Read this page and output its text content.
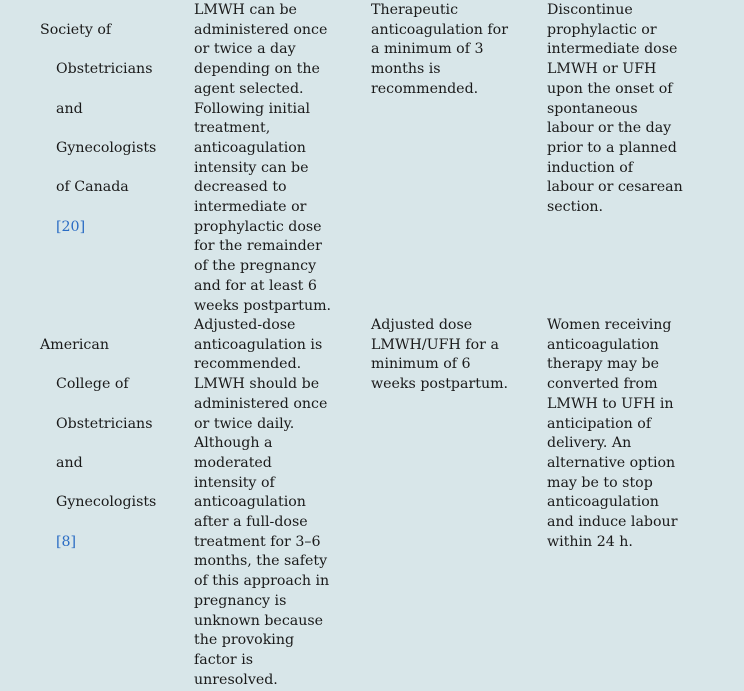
Society of

Obstetricians

and

Gynecologists

of Canada

[20]

LMWH can be
administered once
or twice a day
depending on the
agent selected.
Following initial
treatment,
anticoagulation
intensity can be
decreased to
intermediate or
prophylactic dose
for the remainder
of the pregnancy
and for at least 6
weeks postpartum.
Therapeutic
anticoagulation for
a minimum of 3
months is
recommended.
Discontinue
prophylactic or
intermediate dose
LMWH or UFH
upon the onset of
spontaneous
labour or the day
prior to a planned
induction of
labour or cesarean
section.

American

College of

Obstetricians

and

Gynecologists

[8]

Adjusted-dose
anticoagulation is
recommended.
LMWH should be
administered once
or twice daily.
Although a
moderated
intensity of
anticoagulation
after a full-dose
treatment for 3–6
months, the safety
of this approach in
pregnancy is
unknown because
the provoking
factor is
unresolved.
Adjusted dose
LMWH/UFH for a
minimum of 6
weeks postpartum.
Women receiving
anticoagulation
therapy may be
converted from
LMWH to UFH in
anticipation of
delivery. An
alternative option
may be to stop
anticoagulation
and induce labour
within 24 h.
